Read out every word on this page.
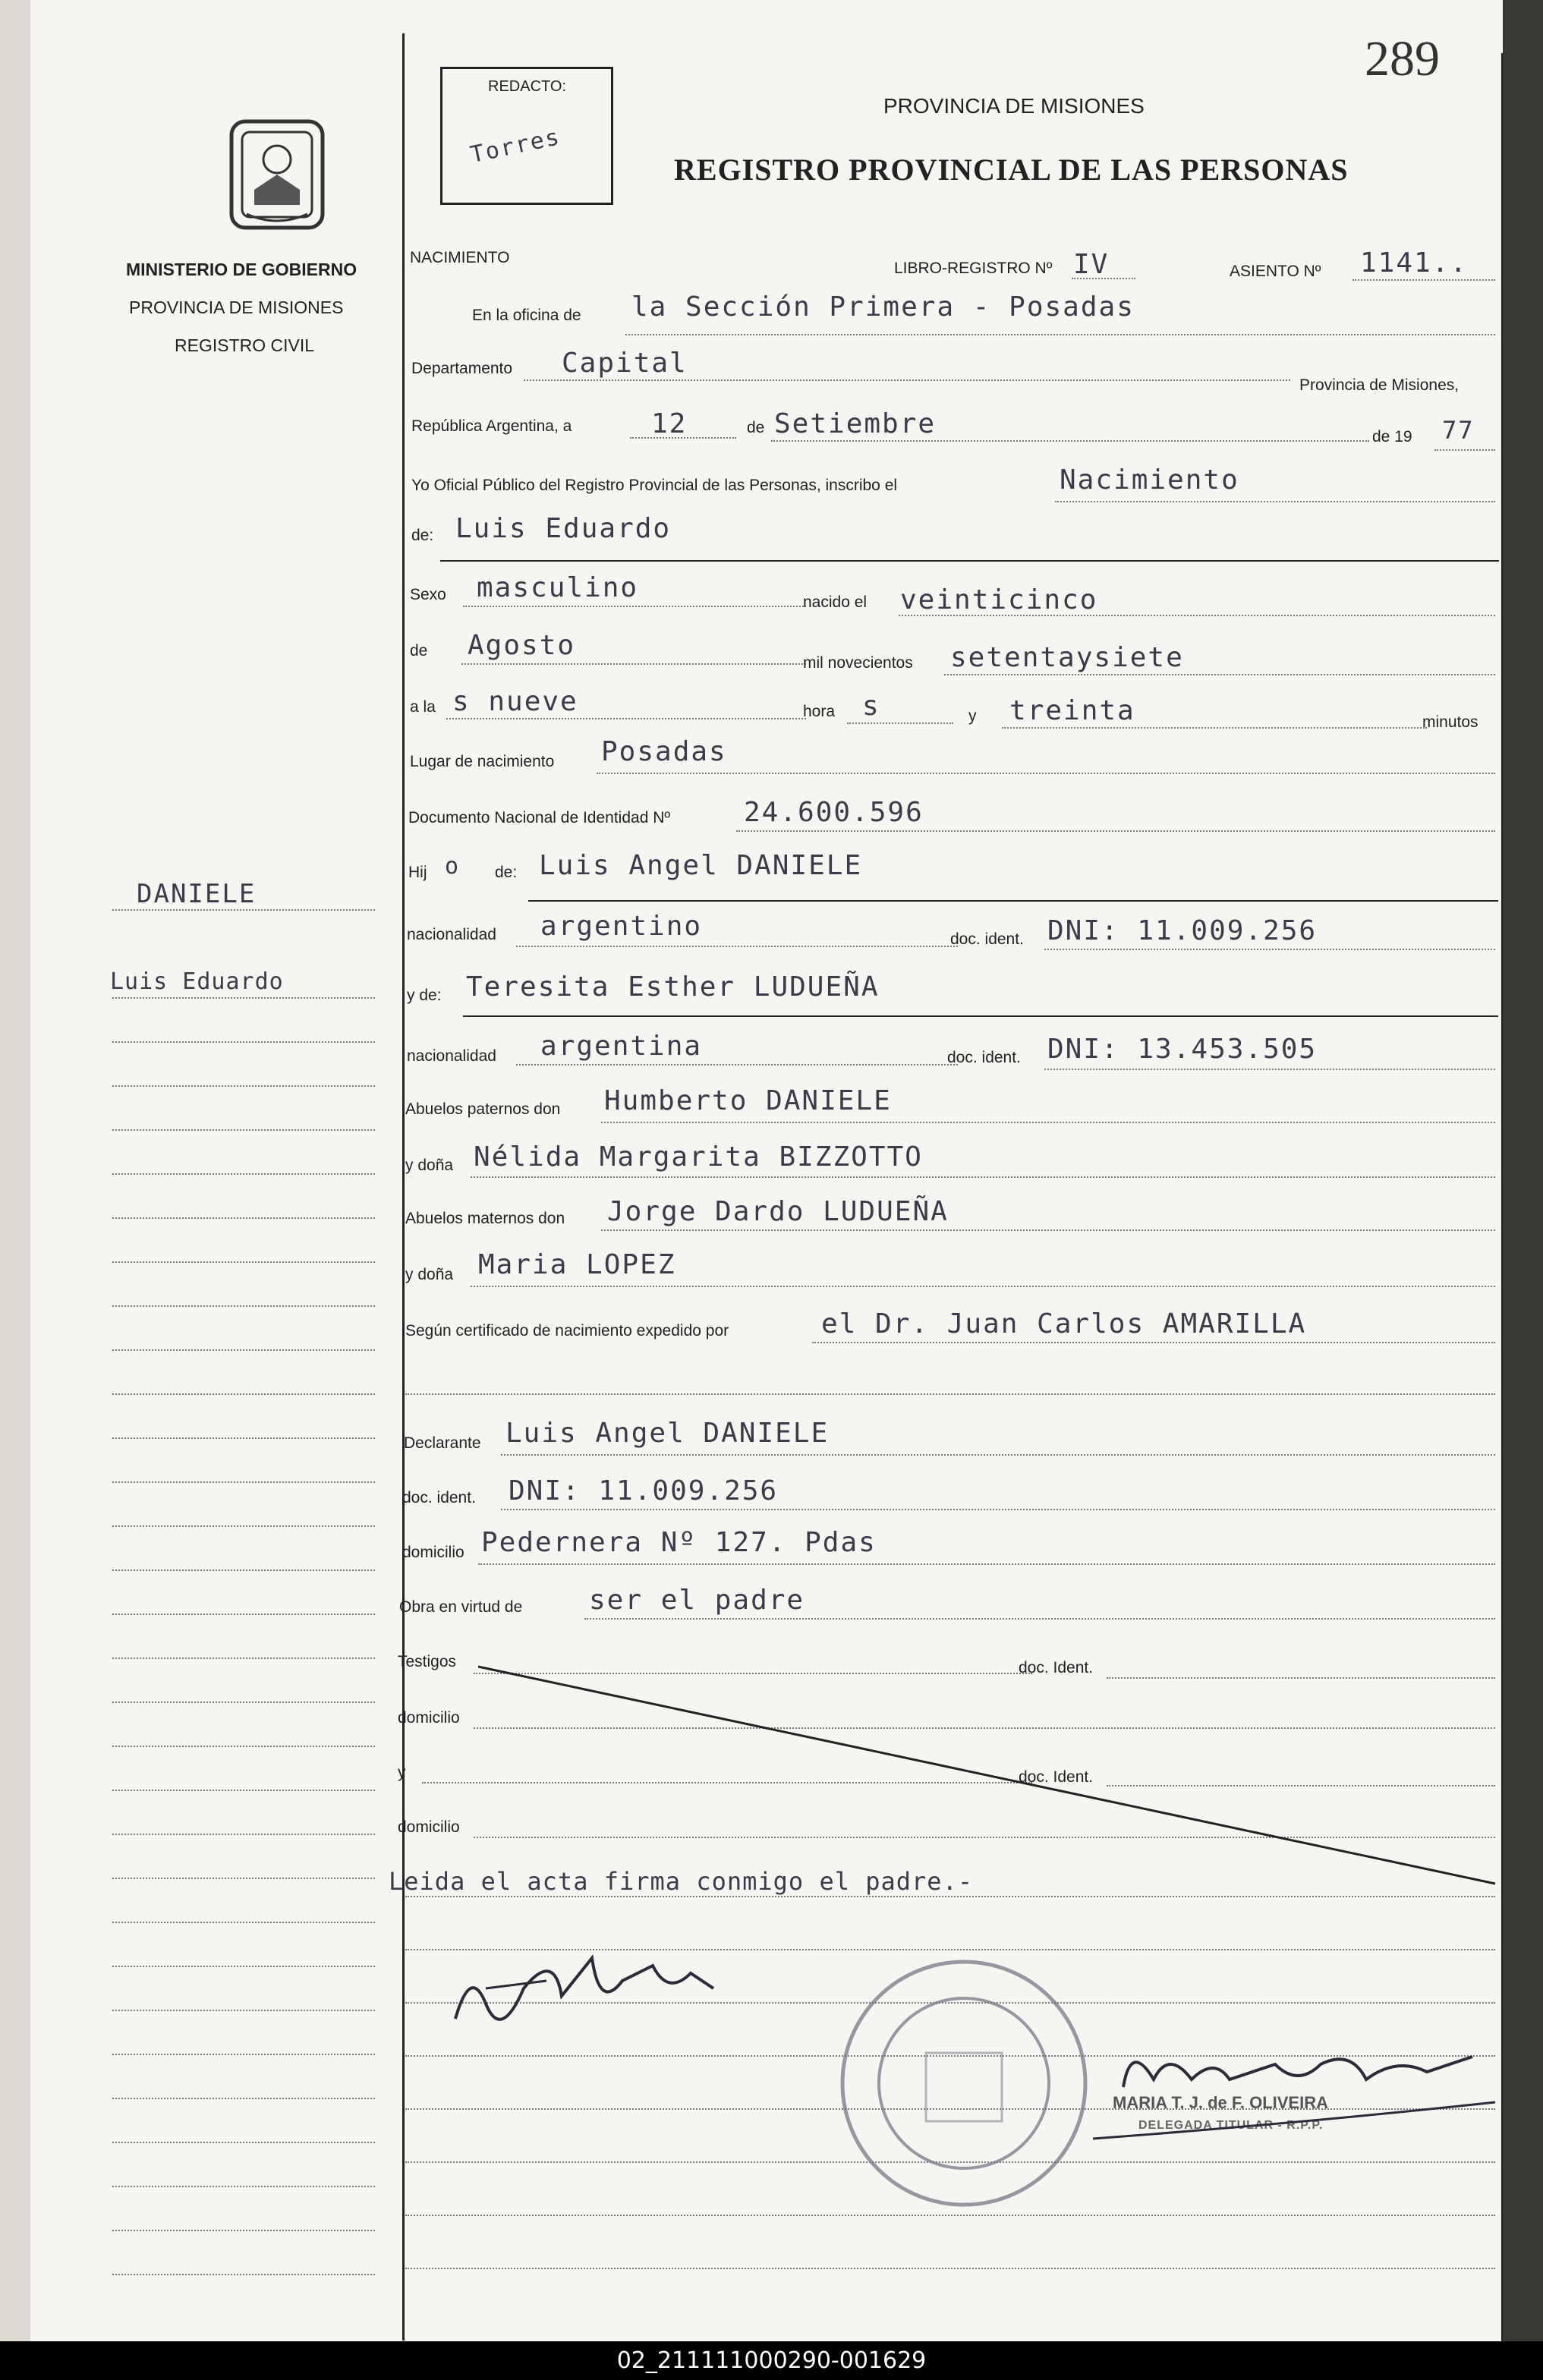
289
MINISTERIO DE GOBIERNO
PROVINCIA DE MISIONES
REGISTRO CIVIL
DANIELE
Luis Eduardo
REDACTO:
Torres
PROVINCIA DE MISIONES
REGISTRO PROVINCIAL DE LAS PERSONAS
NACIMIENTO
LIBRO-REGISTRO Nº IV	ASIENTO Nº 1141..
En la oficina de la Sección Primera - Posadas
Departamento Capital
Provincia de Misiones,
República Argentina, a	12	de Setiembre	de 19 77
Yo Oficial Público del Registro Provincial de las Personas, inscribo el	Nacimiento
de: Luis Eduardo
Sexo masculino	nacido el veinticinco
de Agosto
mil novecientos setentaysiete
a la s nueve	hora s	y treinta	minutos
Lugar de nacimiento Posadas
Documento Nacional de Identidad Nº	24.600.596
Hij o de: Luis Angel DANIELE
nacionalidad argentino	doc. ident. DNI: 11.009.256
y de: Teresita Esther LUDUEÑA
nacionalidad argentina	doc. ident. DNI: 13.453.505
Abuelos paternos don Humberto DANIELE
y doña Nélida Margarita BIZZOTTO
Abuelos maternos don Jorge Dardo LUDUEÑA
y doña Maria LOPEZ
Según certificado de nacimiento expedido por	el Dr. Juan Carlos AMARILLA
Declarante Luis Angel DANIELE
doc. ident. DNI: 11.009.256
domicilio Pedernera Nº 127. Pdas
Obra en virtud de ser el padre
Testigos	doc. Ident.
domicilio
y	doc. Ident.
domicilio
Leida el acta firma conmigo el padre.-
MARIA T. J. de F. OLIVEIRA
DELEGADA TITULAR - R.P.P.
02_211111000290-001629
